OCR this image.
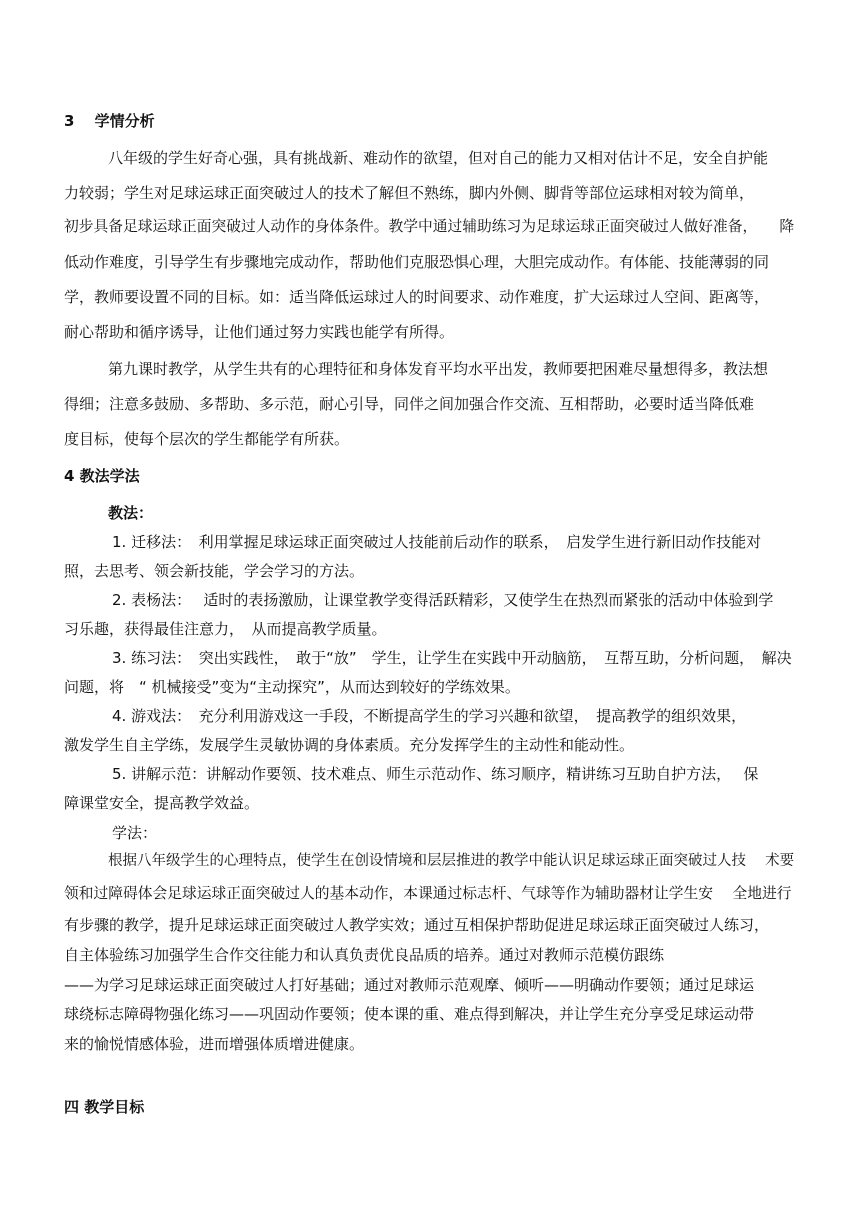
3　 学情分析
八年级的学生好奇心强，具有挑战新、难动作的欲望，但对自己的能力又相对估计不足，安全自护能
力较弱；学生对足球运球正面突破过人的技术了解但不熟练，脚内外侧、脚背等部位运球相对较为简单，
初步具备足球运球正面突破过人动作的身体条件。教学中通过辅助练习为足球运球正面突破过人做好准备，　　降
低动作难度，引导学生有步骤地完成动作，帮助他们克服恐惧心理，大胆完成动作。有体能、技能薄弱的同
学，教师要设置不同的目标。如：适当降低运球过人的时间要求、动作难度，扩大运球过人空间、距离等，
耐心帮助和循序诱导，让他们通过努力实践也能学有所得。
第九课时教学，从学生共有的心理特征和身体发育平均水平出发，教师要把困难尽量想得多，教法想
得细；注意多鼓励、多帮助、多示范，耐心引导，同伴之间加强合作交流、互相帮助，必要时适当降低难
度目标，使每个层次的学生都能学有所获。
4 教法学法
教法：
1. 迁移法：　利用掌握足球运球正面突破过人技能前后动作的联系，　启发学生进行新旧动作技能对
照，去思考、领会新技能，学会学习的方法。
2. 表杨法：　 适时的表扬激励，让课堂教学变得活跃精彩，又使学生在热烈而紧张的活动中体验到学
习乐趣，获得最佳注意力，　从而提高教学质量。
3. 练习法：　突出实践性，　敢于“放”　学生，让学生在实践中开动脑筋，　互帮互助，分析问题，　解决
问题，将　“ 机械接受”变为“主动探究”，从而达到较好的学练效果。
4. 游戏法：　充分利用游戏这一手段，不断提高学生的学习兴趣和欲望，　提高教学的组织效果，
激发学生自主学练，发展学生灵敏协调的身体素质。充分发挥学生的主动性和能动性。
5. 讲解示范：讲解动作要领、技术难点、师生示范动作、练习顺序，精讲练习互助自护方法，　 保
障课堂安全，提高教学效益。
学法：
根据八年级学生的心理特点，使学生在创设情境和层层推进的教学中能认识足球运球正面突破过人技　 术要
领和过障碍体会足球运球正面突破过人的基本动作，本课通过标志杆、气球等作为辅助器材让学生安　 全地进行
有步骤的教学，提升足球运球正面突破过人教学实效；通过互相保护帮助促进足球运球正面突破过人练习，
自主体验练习加强学生合作交往能力和认真负责优良品质的培养。通过对教师示范模仿跟练
——为学习足球运球正面突破过人打好基础；通过对教师示范观摩、倾听——明确动作要领；通过足球运
球绕标志障碍物强化练习——巩固动作要领；使本课的重、难点得到解决，并让学生充分享受足球运动带
来的愉悦情感体验，进而增强体质增进健康。
四 教学目标
